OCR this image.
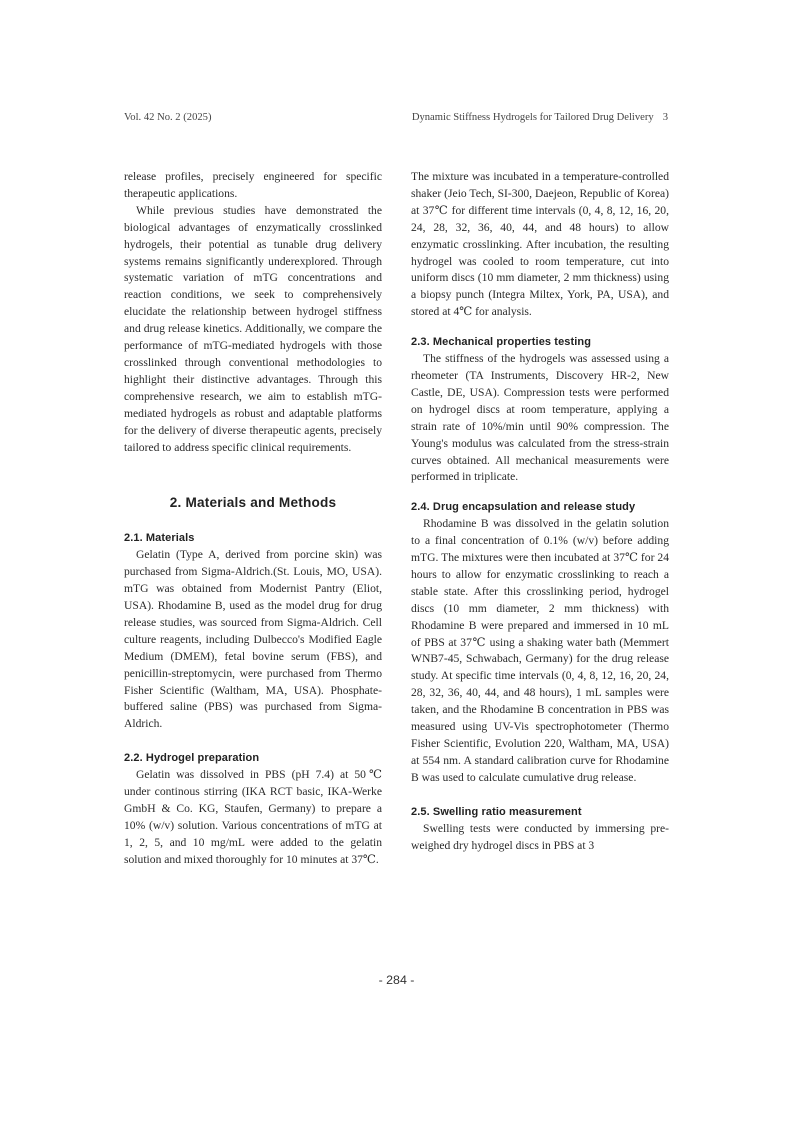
Vol. 42 No. 2 (2025)	Dynamic Stiffness Hydrogels for Tailored Drug Delivery 3

release profiles, precisely engineered for specific therapeutic applications.

While previous studies have demonstrated the biological advantages of enzymatically crosslinked hydrogels, their potential as tunable drug delivery systems remains significantly underexplored. Through systematic variation of mTG concentrations and reaction conditions, we seek to comprehensively elucidate the relationship between hydrogel stiffness and drug release kinetics. Additionally, we compare the performance of mTG-mediated hydrogels with those crosslinked through conventional methodologies to highlight their distinctive advantages. Through this comprehensive research, we aim to establish mTG-mediated hydrogels as robust and adaptable platforms for the delivery of diverse therapeutic agents, precisely tailored to address specific clinical requirements.

2. Materials and Methods
2.1. Materials

Gelatin (Type A, derived from porcine skin) was purchased from Sigma-Aldrich.(St. Louis, MO, USA). mTG was obtained from Modernist Pantry (Eliot, USA). Rhodamine B, used as the model drug for drug release studies, was sourced from Sigma-Aldrich. Cell culture reagents, including Dulbecco's Modified Eagle Medium (DMEM), fetal bovine serum (FBS), and penicillin-streptomycin, were purchased from Thermo Fisher Scientific (Waltham, MA, USA). Phosphate-buffered saline (PBS) was purchased from Sigma-Aldrich.

2.2. Hydrogel preparation

Gelatin was dissolved in PBS (pH 7.4) at 50℃ under continous stirring (IKA RCT basic, IKA-Werke GmbH & Co. KG, Staufen, Germany) to prepare a 10% (w/v) solution. Various concentrations of mTG at 1, 2, 5, and 10 mg/mL were added to the gelatin solution and mixed thoroughly for 10 minutes at 37℃.

The mixture was incubated in a temperature-controlled shaker (Jeio Tech, SI-300, Daejeon, Republic of Korea) at 37℃ for different time intervals (0, 4, 8, 12, 16, 20, 24, 28, 32, 36, 40, 44, and 48 hours) to allow enzymatic crosslinking. After incubation, the resulting hydrogel was cooled to room temperature, cut into uniform discs (10 mm diameter, 2 mm thickness) using a biopsy punch (Integra Miltex, York, PA, USA), and stored at 4℃ for analysis.

2.3. Mechanical properties testing

The stiffness of the hydrogels was assessed using a rheometer (TA Instruments, Discovery HR-2, New Castle, DE, USA). Compression tests were performed on hydrogel discs at room temperature, applying a strain rate of 10%/min until 90% compression. The Young's modulus was calculated from the stress-strain curves obtained. All mechanical measurements were performed in triplicate.

2.4. Drug encapsulation and release study

Rhodamine B was dissolved in the gelatin solution to a final concentration of 0.1% (w/v) before adding mTG. The mixtures were then incubated at 37℃ for 24 hours to allow for enzymatic crosslinking to reach a stable state. After this crosslinking period, hydrogel discs (10 mm diameter, 2 mm thickness) with Rhodamine B were prepared and immersed in 10 mL of PBS at 37℃ using a shaking water bath (Memmert WNB7-45, Schwabach, Germany) for the drug release study. At specific time intervals (0, 4, 8, 12, 16, 20, 24, 28, 32, 36, 40, 44, and 48 hours), 1 mL samples were taken, and the Rhodamine B concentration in PBS was measured using UV-Vis spectrophotometer (Thermo Fisher Scientific, Evolution 220, Waltham, MA, USA) at 554 nm. A standard calibration curve for Rhodamine B was used to calculate cumulative drug release.

2.5. Swelling ratio measurement

Swelling tests were conducted by immersing pre-weighed dry hydrogel discs in PBS at 3

- 284 -
